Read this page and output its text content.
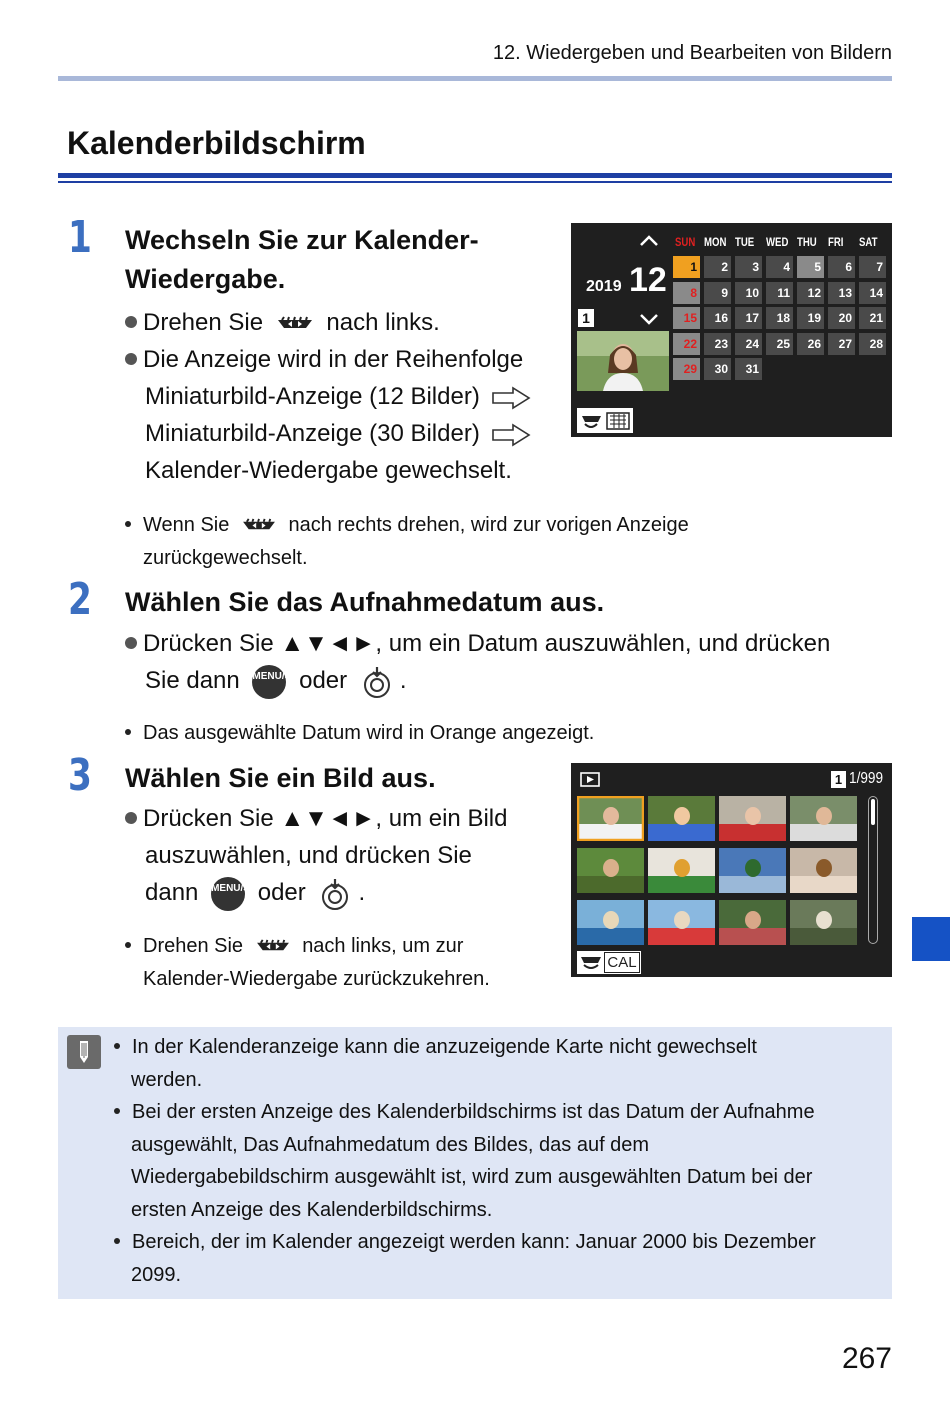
12. Wiedergeben und Bearbeiten von Bildern
Kalenderbildschirm
1 Wechseln Sie zur Kalender-
Wiedergabe.
Drehen Sie	nach links.
Die Anzeige wird in der Reihenfolge
Miniaturbild-Anzeige (12 Bilder)
Miniaturbild-Anzeige (30 Bilder)
Kalender-Wiedergabe gewechselt.
Wenn Sie	nach rechts drehen, wird zur vorigen Anzeige
zurückgewechselt.
2019 12
1
SUN MON TUE WED THU FRI SAT
1	2	3	4	5	6	7
8	9	10	11	12	13	14
15	16	17	18	19	20	21
22	23	24	25	26	27	28
29	30	31
2 Wählen Sie das Aufnahmedatum aus.
Drücken Sie ▲▼◄►, um ein Datum auszuwählen, und drücken
Sie dann MENU/SET
oder .
Das ausgewählte Datum wird in Orange angezeigt.
3 Wählen Sie ein Bild aus.
Drücken Sie ▲▼◄►, um ein Bild
auszuwählen, und drücken Sie
dann MENU/SET
oder .
Drehen Sie	nach links, um zur
Kalender-Wiedergabe zurückzukehren.
1 1/999
CAL
In der Kalenderanzeige kann die anzuzeigende Karte nicht gewechselt
werden.
Bei der ersten Anzeige des Kalenderbildschirms ist das Datum der Aufnahme
ausgewählt, Das Aufnahmedatum des Bildes, das auf dem
Wiedergabebildschirm ausgewählt ist, wird zum ausgewählten Datum bei der
ersten Anzeige des Kalenderbildschirms.
Bereich, der im Kalender angezeigt werden kann: Januar 2000 bis Dezember
2099.
267
